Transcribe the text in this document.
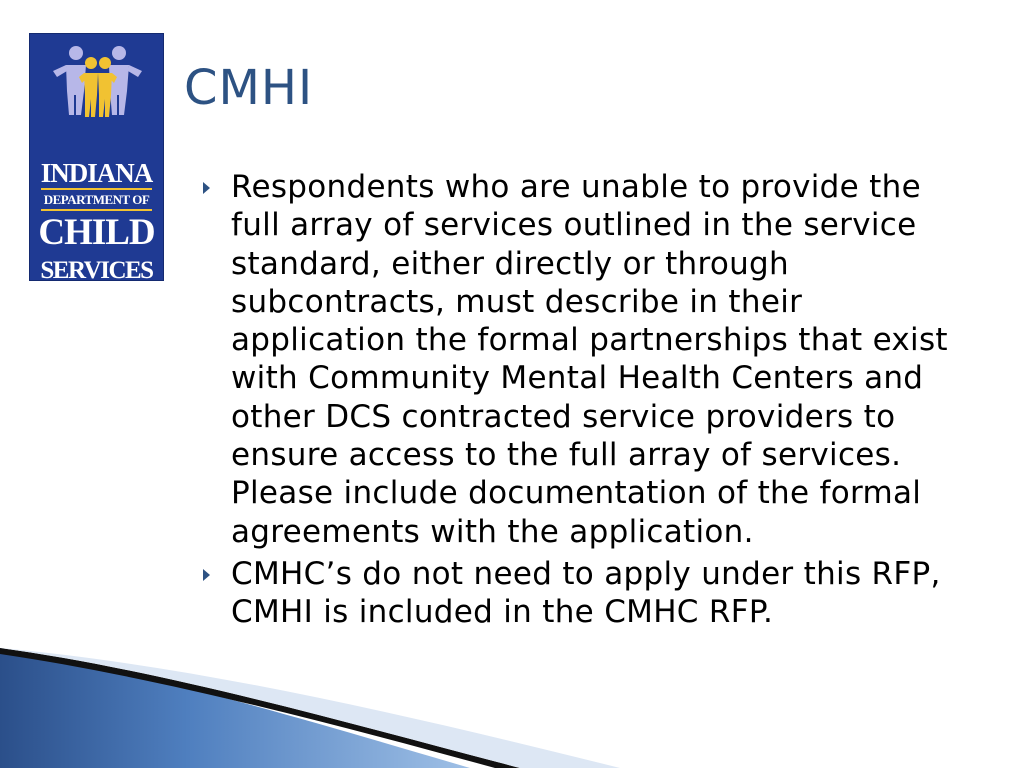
INDIANA
DEPARTMENT OF
CHILD
SERVICES
CMHI
Respondents who are unable to provide the full array of services outlined in the service standard, either directly or through subcontracts, must describe in their application the formal partnerships that exist with Community Mental Health Centers and other DCS contracted service providers to ensure access to the full array of services. Please include documentation of the formal agreements with the application.
CMHC’s do not need to apply under this RFP, CMHI is included in the CMHC RFP.
